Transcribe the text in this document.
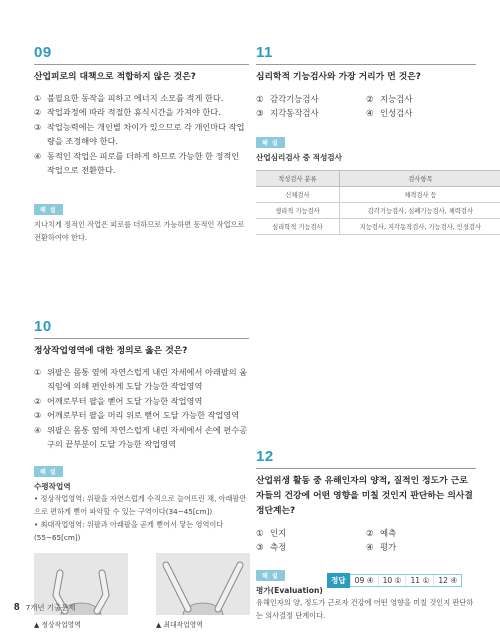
09
산업피로의 대책으로 적합하지 않은 것은?
① 불필요한 동작을 피하고 에너지 소모를 적게 한다.
② 작업과정에 따라 적절한 휴식시간을 가져야 한다.
③ 작업능력에는 개인별 차이가 있으므로 각 개인마다 작업량을 조정해야 한다.
④ 동적인 작업은 피로를 더하게 하므로 가능한 한 정적인 작업으로 전환한다.
해 설
지나치게 정적인 작업은 피로를 더하므로 가능하면 동적인 작업으로 전환하여야 한다.
11
심리학적 기능검사와 가장 거리가 먼 것은?
① 감각기능검사	② 지능검사
③ 지각동작검사	④ 인성검사
해 설
산업심리검사 중 적성검사
적성검사 분류	검사항목
신체검사	체격검사 등
생리적 기능검사	감각기능검사, 심폐기능검사, 체력검사
심리학적 기능검사	지능검사, 지각동작검사, 기능검사, 인성검사
10
정상작업영역에 대한 정의로 옳은 것은?
① 위팔은 몸통 옆에 자연스럽게 내린 자세에서 아래팔의 움직임에 의해 편안하게 도달 가능한 작업영역
② 어깨로부터 팔을 뻗어 도달 가능한 작업영역
③ 어깨로부터 팔을 머리 위로 뻗어 도달 가능한 작업영역
④ 위팔은 몸통 옆에 자연스럽게 내린 자세에서 손에 편수공구의 끝부분이 도달 가능한 작업영역
해 설
수평작업역
• 정상작업영역: 위팔을 자연스럽게 수직으로 늘어뜨린 채, 아래팔만으로 편하게 뻗어 파악할 수 있는 구역이다(34~45[cm])
• 최대작업영역: 위팔과 아래팔을 곧게 뻗어서 닿는 영역이다(55~65[cm])
▲ 정상작업영역	▲ 최대작업영역
12
산업위생 활동 중 유해인자의 양적, 질적인 정도가 근로자들의 건강에 어떤 영향을 미칠 것인지 판단하는 의사결정단계는?
① 인지	② 예측
③ 측정	④ 평가
해 설
평가(Evaluation)
유해인자의 양, 정도가 근로자 건강에 어떤 영향을 미칠 것인지 판단하는 의사결정 단계이다.
정답	09 ④	10 ①	11 ①	12 ④
8 7개년 기출문제
